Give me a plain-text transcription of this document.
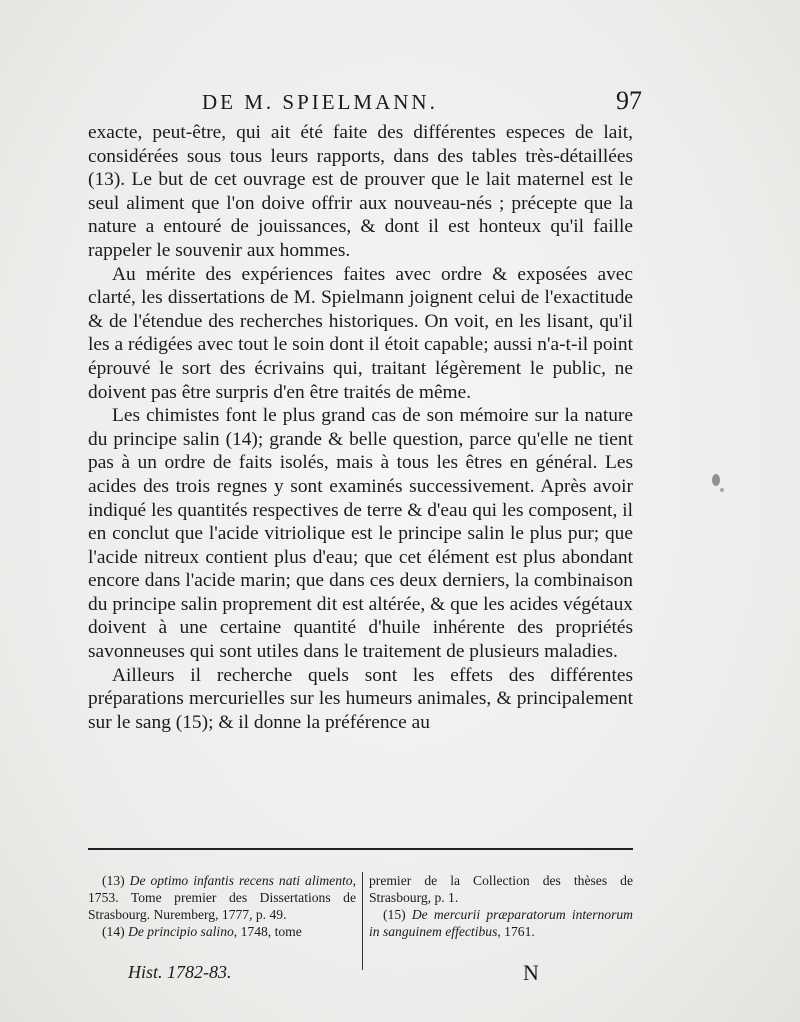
DE M. SPIELMANN.	97

exacte, peut-être, qui ait été faite des différentes especes de lait, considérées sous tous leurs rapports, dans des tables très-détaillées (13). Le but de cet ouvrage est de prouver que le lait maternel est le seul aliment que l'on doive offrir aux nouveau-nés ; précepte que la nature a entouré de jouissances, & dont il est honteux qu'il faille rappeler le souvenir aux hommes.

Au mérite des expériences faites avec ordre & exposées avec clarté, les dissertations de M. Spielmann joignent celui de l'exactitude & de l'étendue des recherches historiques. On voit, en les lisant, qu'il les a rédigées avec tout le soin dont il étoit capable; aussi n'a-t-il point éprouvé le sort des écrivains qui, traitant légèrement le public, ne doivent pas être surpris d'en être traités de même.

Les chimistes font le plus grand cas de son mémoire sur la nature du principe salin (14); grande & belle question, parce qu'elle ne tient pas à un ordre de faits isolés, mais à tous les êtres en général. Les acides des trois regnes y sont examinés successivement. Après avoir indiqué les quantités respectives de terre & d'eau qui les composent, il en conclut que l'acide vitriolique est le principe salin le plus pur; que l'acide nitreux contient plus d'eau; que cet élément est plus abondant encore dans l'acide marin; que dans ces deux derniers, la combinaison du principe salin proprement dit est altérée, & que les acides végétaux doivent à une certaine quantité d'huile inhérente des propriétés savonneuses qui sont utiles dans le traitement de plusieurs maladies.

Ailleurs il recherche quels sont les effets des différentes préparations mercurielles sur les humeurs animales, & principalement sur le sang (15); & il donne la préférence au

(13) De optimo infantis recens nati alimento, 1753. Tome premier des Dissertations de Strasbourg. Nuremberg, 1777, p. 49.

(14) De principio salino, 1748, tome

premier de la Collection des thèses de Strasbourg, p. 1.

(15) De mercurii præparatorum internorum in sanguinem effectibus, 1761.

Hist. 1782-83.	N
